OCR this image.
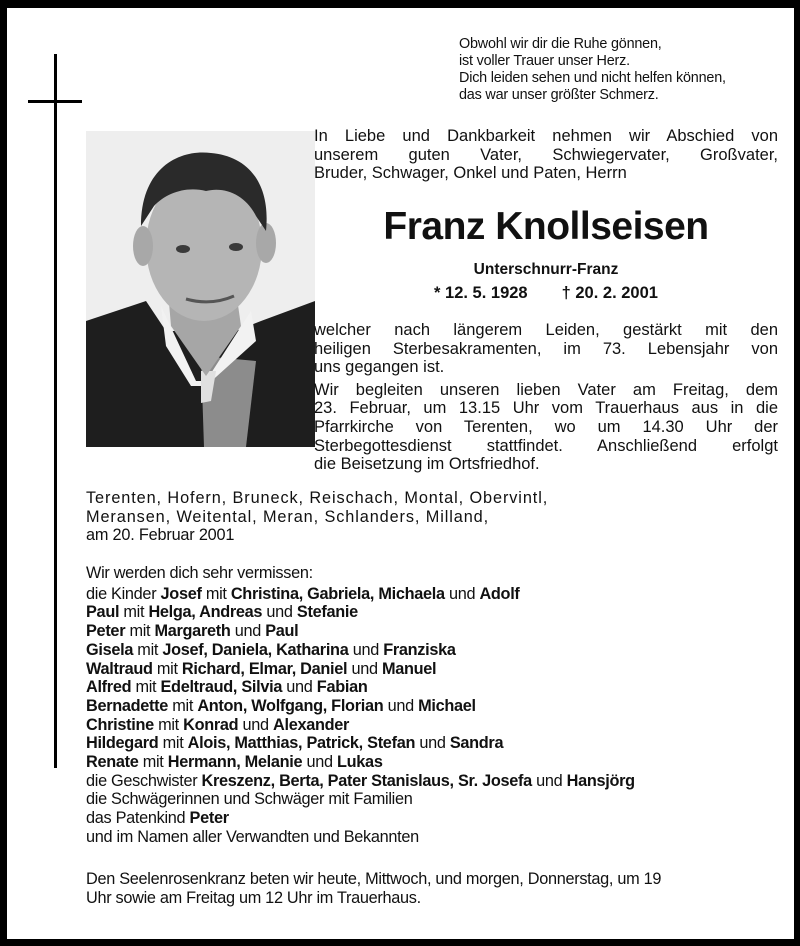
Obwohl wir dir die Ruhe gönnen,
ist voller Trauer unser Herz.
Dich leiden sehen und nicht helfen können,
das war unser größter Schmerz.
In Liebe und Dankbarkeit nehmen wir Abschied von
unserem guten Vater, Schwiegervater, Großvater,
Bruder, Schwager, Onkel und Paten, Herrn
Franz Knollseisen
Unterschnurr-Franz
* 12. 5. 1928 † 20. 2. 2001
welcher nach längerem Leiden, gestärkt mit den
heiligen Sterbesakramenten, im 73. Lebensjahr von
uns gegangen ist.
Wir begleiten unseren lieben Vater am Freitag, dem
23. Februar, um 13.15 Uhr vom Trauerhaus aus in die
Pfarrkirche von Terenten, wo um 14.30 Uhr der
Sterbegottesdienst stattfindet. Anschließend erfolgt
die Beisetzung im Ortsfriedhof.
Terenten, Hofern, Bruneck, Reischach, Montal, Obervintl,
Meransen, Weitental, Meran, Schlanders, Milland,
am 20. Februar 2001
Wir werden dich sehr vermissen:
die Kinder Josef mit Christina, Gabriela, Michaela und Adolf
Paul mit Helga, Andreas und Stefanie
Peter mit Margareth und Paul
Gisela mit Josef, Daniela, Katharina und Franziska
Waltraud mit Richard, Elmar, Daniel und Manuel
Alfred mit Edeltraud, Silvia und Fabian
Bernadette mit Anton, Wolfgang, Florian und Michael
Christine mit Konrad und Alexander
Hildegard mit Alois, Matthias, Patrick, Stefan und Sandra
Renate mit Hermann, Melanie und Lukas
die Geschwister Kreszenz, Berta, Pater Stanislaus, Sr. Josefa und Hansjörg
die Schwägerinnen und Schwäger mit Familien
das Patenkind Peter
und im Namen aller Verwandten und Bekannten
Den Seelenrosenkranz beten wir heute, Mittwoch, und morgen, Donnerstag, um 19
Uhr sowie am Freitag um 12 Uhr im Trauerhaus.
